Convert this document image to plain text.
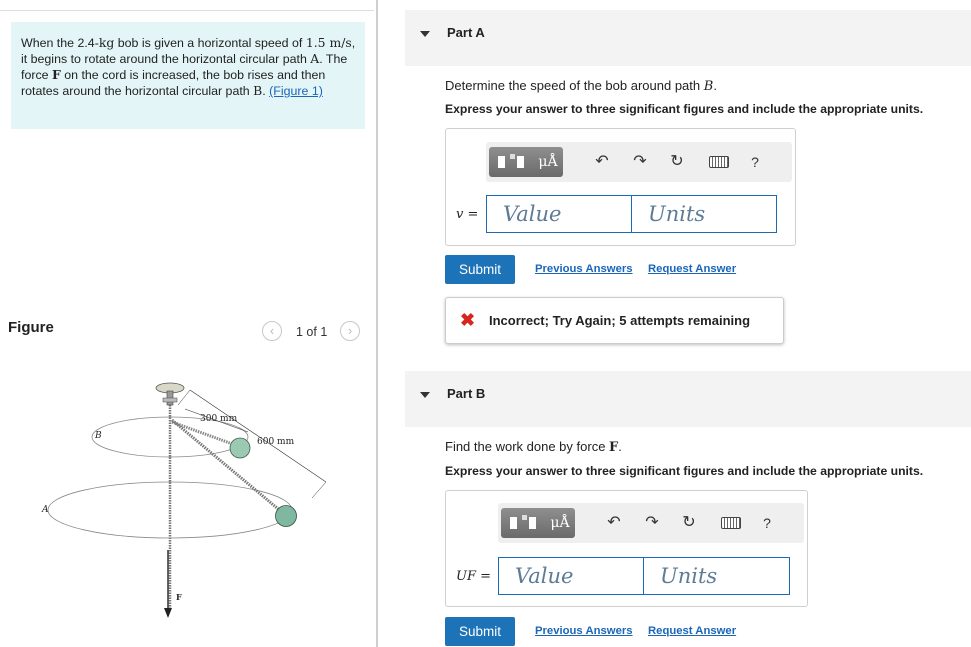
When the 2.4-kg bob is given a horizontal speed of 1.5 m/s, it begins to rotate around the horizontal circular path A. The force F on the cord is increased, the bob rises and then rotates around the horizontal circular path B. (Figure 1)
Figure	‹	1 of 1	›
300 mm
600 mm
B
A
F
Part A
Determine the speed of the bob around path B.
Express your answer to three significant figures and include the appropriate units.
μÅ	↶ ↷ ↻	?
v =	Value	Units
Submit	Previous Answers Request Answer
✖ Incorrect; Try Again; 5 attempts remaining
Part B
Find the work done by force F.
Express your answer to three significant figures and include the appropriate units.
μÅ	↶ ↷ ↻	?
UF =	Value	Units
Submit	Previous Answers Request Answer
